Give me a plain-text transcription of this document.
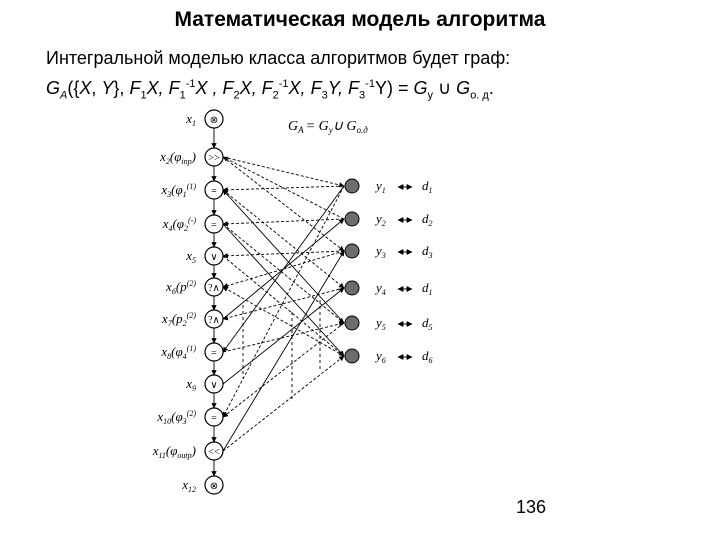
Математическая модель алгоритма
Интегральной моделью класса алгоритмов будет граф:
$G_A(\{X$, Y}, $F_1X$, $F_1^{-1}X$ , $F_2X$, $F_2^{-1}X$, $F_3Y$, $F_3^{-1}Y) = G_y$ ∪ $G_{о. д}$.
$G_A$ = $G_y\cup$ $G_{о.д}$
⊗
$x_1$
>>
$x_2(\varphi_{inp})$
=
$x_3(\varphi_1^{(1)}$
=
$x_4(\varphi_2^{(-)}$
∨
$x_5$
?∧
$x_6(p^{(2)}$
?∧
$x_7(p_2^{(2)}$
=
$x_8(\varphi_4^{(1)}$
∨
$x_9$
=
$x_{10}(\varphi_3^{(2)}$
<<
$x_{11}(\varphi_{outp})$
⊗
$x_{12}$
$y_1$	$d_1$
$y_2$	$d_2$
$y_3$	$d_3$
$y_4$	$d_1$
$y_5$	$d_5$
$y_6$	$d_6$
136
